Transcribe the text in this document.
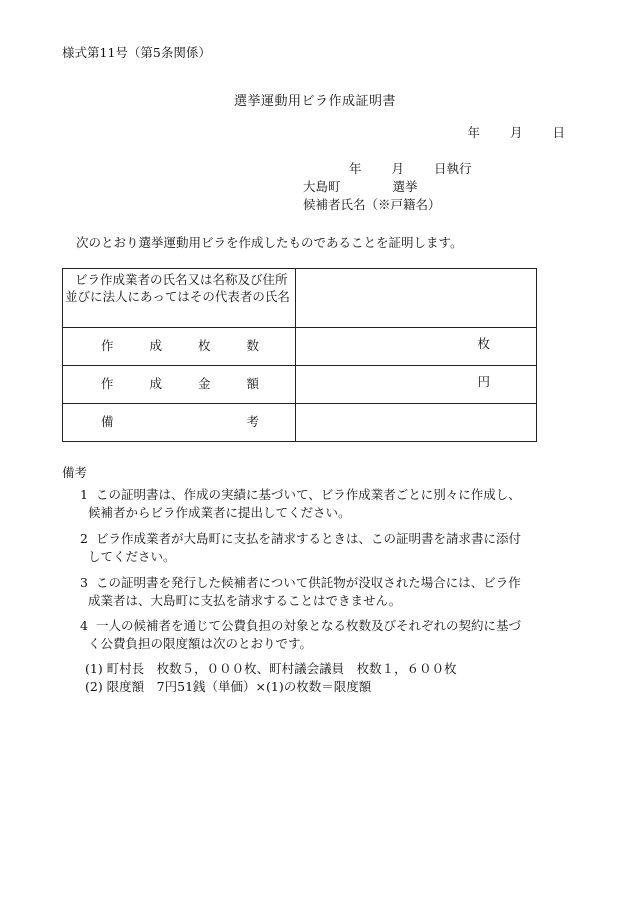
様式第11号（第5条関係）
選挙運動用ビラ作成証明書
年 月 日
年 月 日執行
大島町	選挙
候補者氏名（※戸籍名）
次のとおり選挙運動用ビラを作成したものであることを証明します。
ビラ作成業者の氏名又は名称及び住所並びに法人にあってはその代表者の氏名	

作 成 枚 数	枚

作 成 金 額	円

備 考	

備考
1 この証明書は、作成の実績に基づいて、ビラ作成業者ごとに別々に作成し、
候補者からビラ作成業者に提出してください。
2 ビラ作成業者が大島町に支払を請求するときは、この証明書を請求書に添付
してください。
3 この証明書を発行した候補者について供託物が没収された場合には、ビラ作
成業者は、大島町に支払を請求することはできません。
4 一人の候補者を通じて公費負担の対象となる枚数及びそれぞれの契約に基づ
く公費負担の限度額は次のとおりです。
(1) 町村長　枚数５，０００枚、町村議会議員　枚数１，６００枚
(2) 限度額　7円51銭（単価）×(1)の枚数＝限度額
